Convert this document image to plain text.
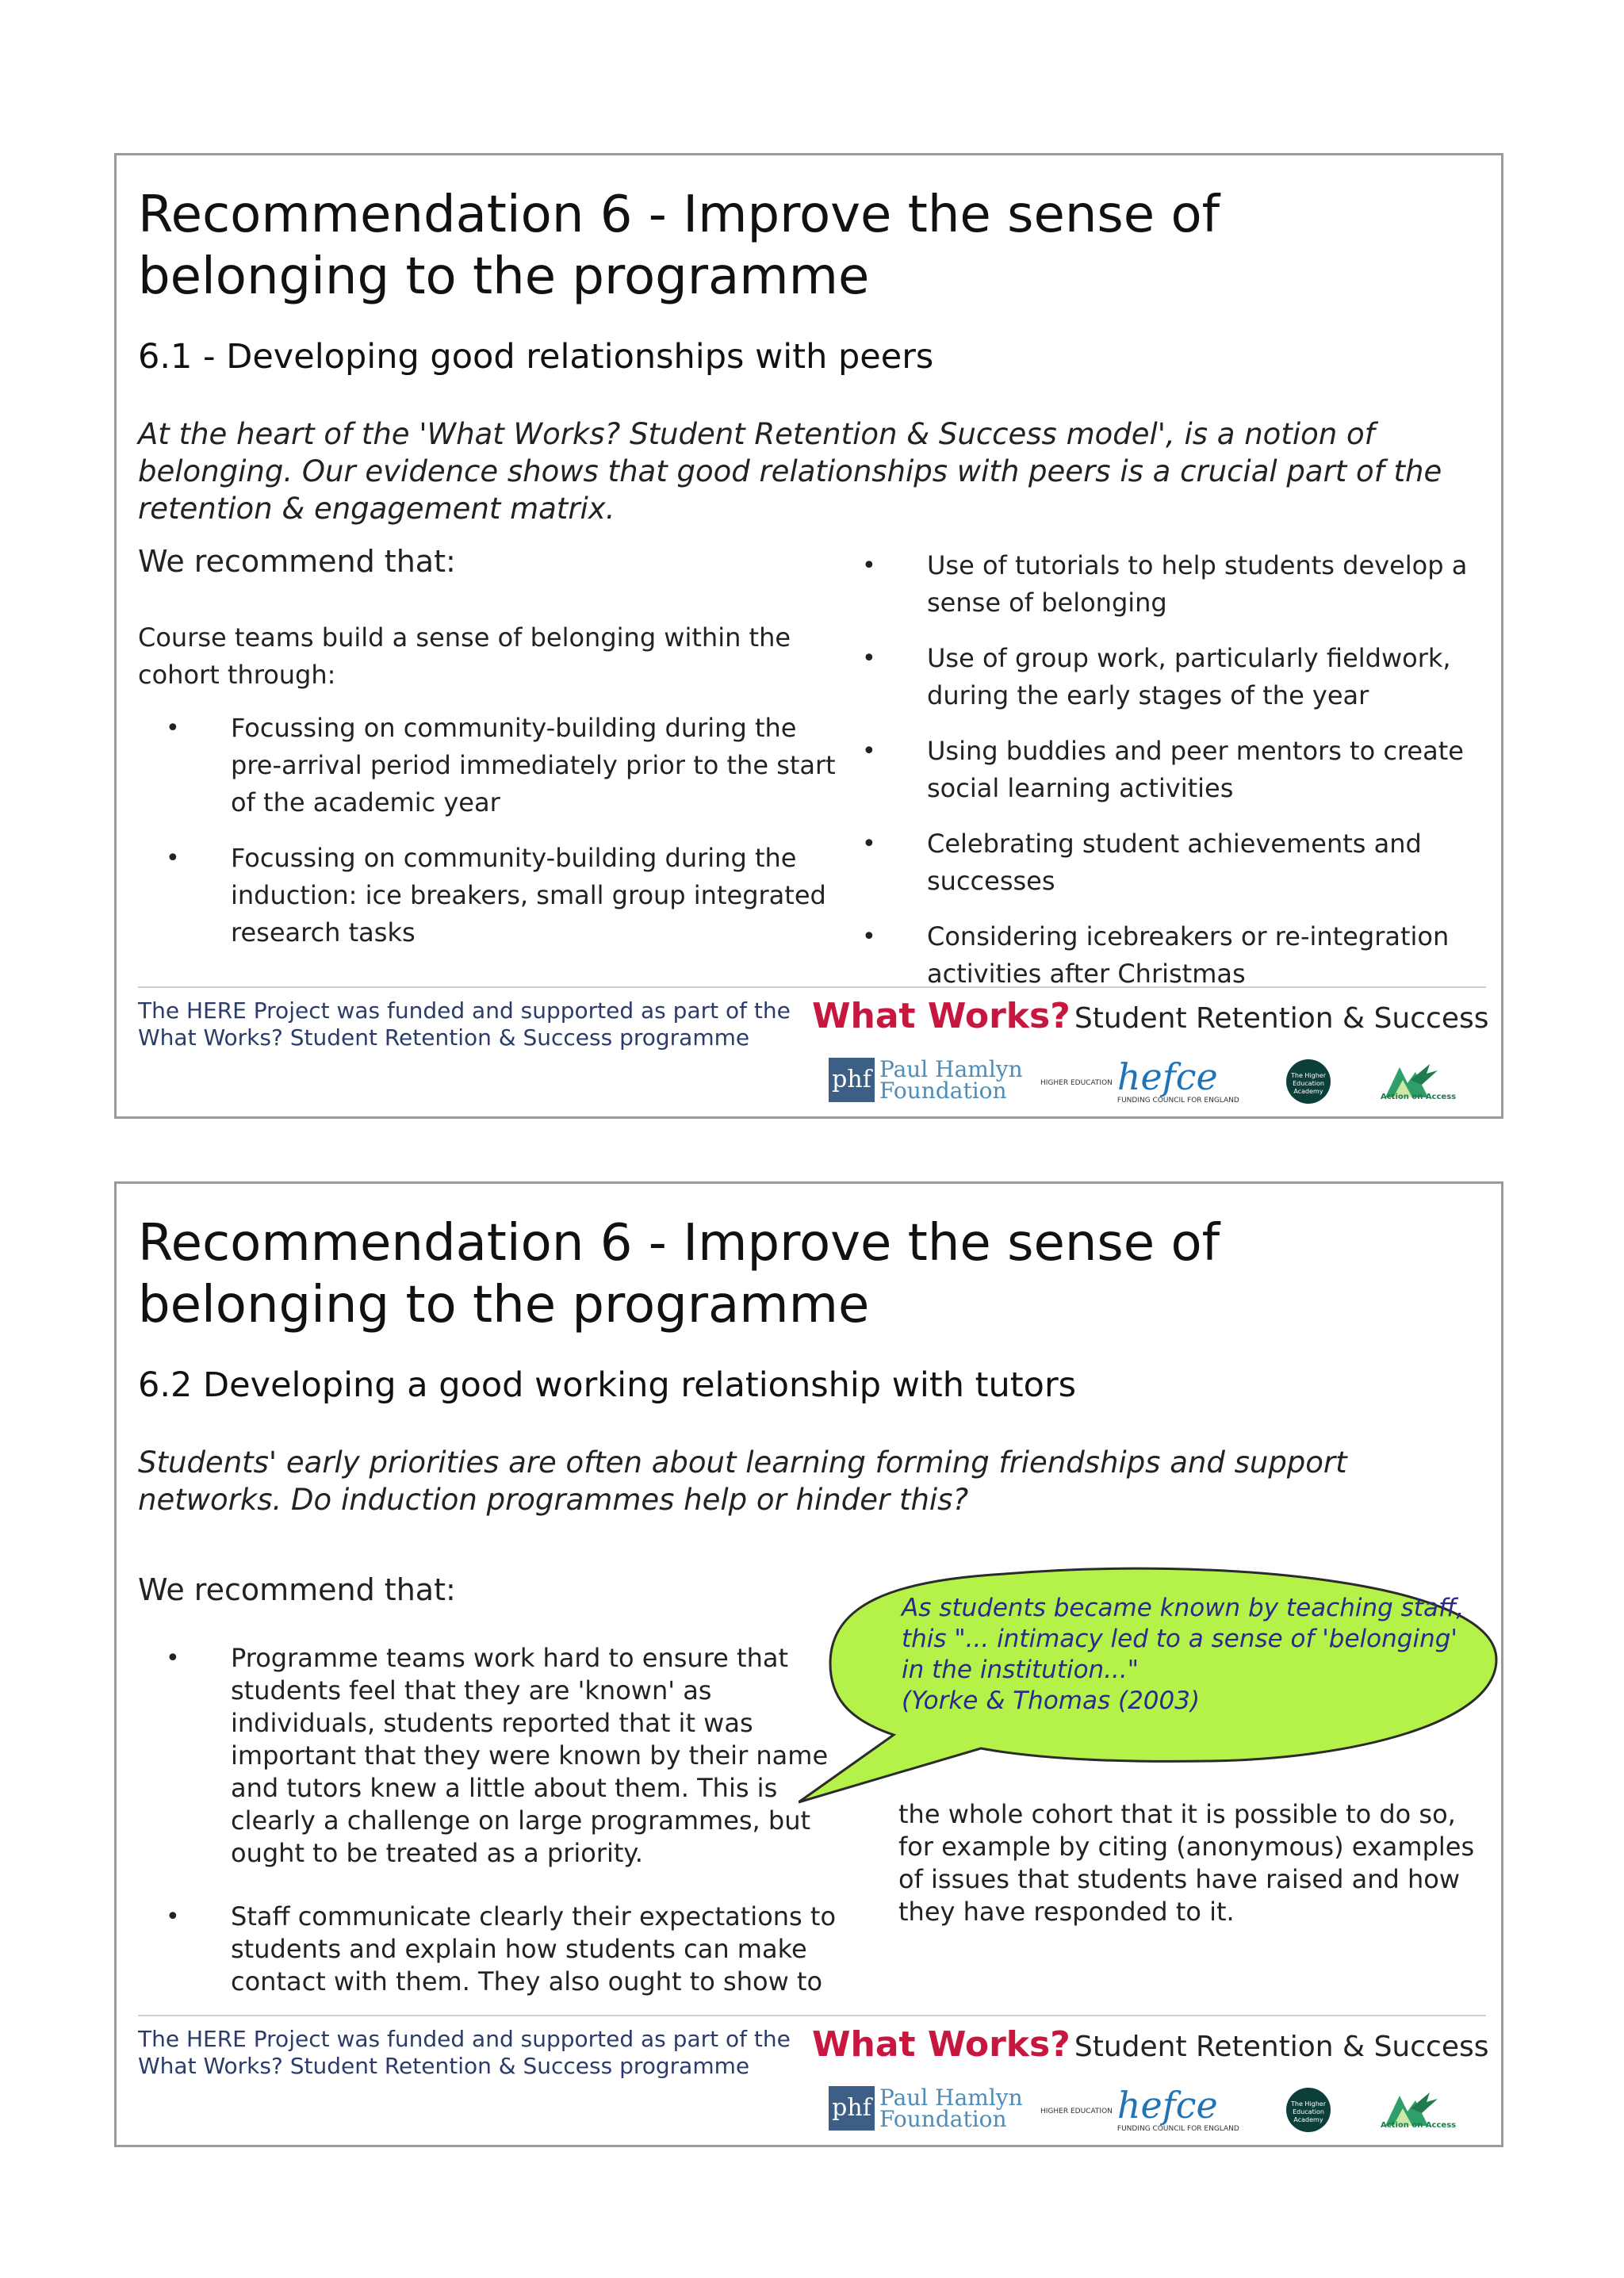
Recommendation 6 - Improve the sense of belonging to the programme
6.1 - Developing good relationships with peers

At the heart of the 'What Works? Student Retention & Success model', is a notion of belonging. Our evidence shows that good relationships with peers is a crucial part of the retention & engagement matrix.

We recommend that:
Course teams build a sense of belonging within the cohort through:
• Focussing on community-building during the pre-arrival period immediately prior to the start of the academic year
• Focussing on community-building during the induction: ice breakers, small group integrated research tasks
• Use of tutorials to help students develop a sense of belonging
• Use of group work, particularly fieldwork, during the early stages of the year
• Using buddies and peer mentors to create social learning activities
• Celebrating student achievements and successes
• Considering icebreakers or re-integration activities after Christmas

The HERE Project was funded and supported as part of the
What Works? Student Retention & Success programme

What Works? Student Retention & Success
phf Paul Hamlyn
Foundation	HIGHER EDUCATION hefce
FUNDING COUNCIL FOR ENGLAND
The Higher Education Academy
Action on Access
Recommendation 6 - Improve the sense of belonging to the programme
6.2 Developing a good working relationship with tutors

Students' early priorities are often about learning forming friendships and support networks. Do induction programmes help or hinder this?

We recommend that:
• Programme teams work hard to ensure that students feel that they are 'known' as individuals, students reported that it was important that they were known by their name and tutors knew a little about them. This is clearly a challenge on large programmes, but ought to be treated as a priority.
• Staff communicate clearly their expectations to students and explain how students can make contact with them. They also ought to show to

As students became known by teaching staff, this "... intimacy led to a sense of 'belonging' in the institution..."

(Yorke & Thomas (2003)

the whole cohort that it is possible to do so, for example by citing (anonymous) examples of issues that students have raised and how they have responded to it.

The HERE Project was funded and supported as part of the
What Works? Student Retention & Success programme

What Works? Student Retention & Success
phf Paul Hamlyn
Foundation	HIGHER EDUCATION hefce
FUNDING COUNCIL FOR ENGLAND
The Higher Education Academy
Action on Access
